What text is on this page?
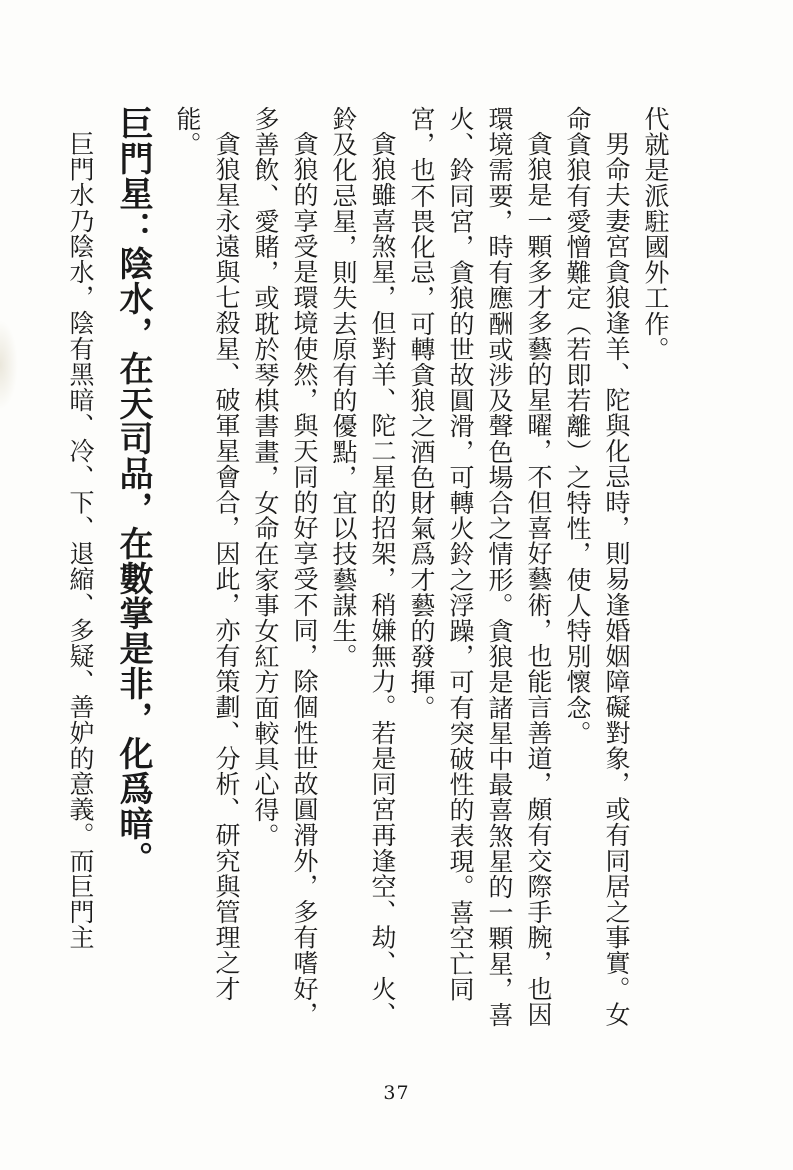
代就是派駐國外工作。

男命夫妻宮貪狼逢羊、陀與化忌時，則易逢婚姻障礙對象，或有同居之事實。女命貪狼有愛憎難定（若即若離）之特性，使人特別懷念。

貪狼是一顆多才多藝的星曜，不但喜好藝術，也能言善道，頗有交際手腕，也因環境需要，時有應酬或涉及聲色場合之情形。貪狼是諸星中最喜煞星的一顆星，喜火、鈴同宮，貪狼的世故圓滑，可轉火鈴之浮躁，可有突破性的表現。喜空亡同宮，也不畏化忌，可轉貪狼之酒色財氣爲才藝的發揮。

貪狼雖喜煞星，但對羊、陀二星的招架，稍嫌無力。若是同宮再逢空、劫、火、鈴及化忌星，則失去原有的優點，宜以技藝謀生。

貪狼的享受是環境使然，與天同的好享受不同，除個性世故圓滑外，多有嗜好，多善飲、愛賭，或耽於琴棋書畫，女命在家事女紅方面較具心得。

貪狼星永遠與七殺星、破軍星會合，因此，亦有策劃、分析、研究與管理之才能。

巨門星：陰水，在天司品，在數掌是非，化爲暗。

巨門水乃陰水，陰有黑暗、冷、下、退縮、多疑、善妒的意義。而巨門主

37
